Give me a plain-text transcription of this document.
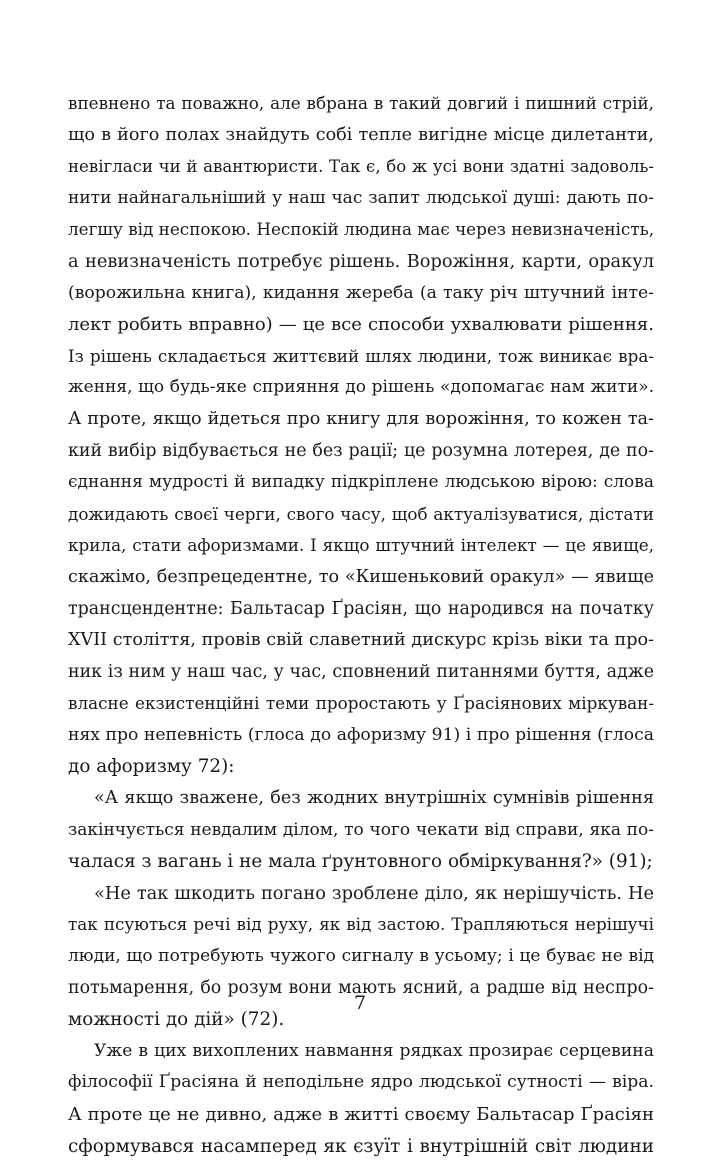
впевнено та поважно, але вбрана в такий довгий і пишний стрій,
що в його полах знайдуть собі тепле вигідне місце дилетанти,
невігласи чи й авантюристи. Так є, бо ж усі вони здатні задоволь-
нити найнагальніший у наш час запит людської душі: дають по-
легшу від неспокою. Неспокій людина має через невизначеність,
а невизначеність потребує рішень. Ворожіння, карти, оракул
(ворожильна книга), кидання жереба (а таку річ штучний інте-
лект робить вправно) — це все способи ухвалювати рішення.
Із рішень складається життєвий шлях людини, тож виникає вра-
ження, що будь-яке сприяння до рішень «допомагає нам жити».
А проте, якщо йдеться про книгу для ворожіння, то кожен та-
кий вибір відбувається не без рації; це розумна лотерея, де по-
єднання мудрості й випадку підкріплене людською вірою: слова
дожидають своєї черги, свого часу, щоб актуалізуватися, дістати
крила, стати афоризмами. І якщо штучний інтелект — це явище,
скажімо, безпрецедентне, то «Кишеньковий оракул» — явище
трансцендентне: Бальтасар Ґрасіян, що народився на початку
XVII століття, провів свій славетний дискурс крізь віки та про-
ник із ним у наш час, у час, сповнений питаннями буття, адже
власне екзистенційні теми проростають у Ґрасіянових міркуван-
нях про непевність (глоса до афоризму 91) і про рішення (глоса
до афоризму 72):
«А якщо зважене, без жодних внутрішніх сумнівів рішення
закінчується невдалим ділом, то чого чекати від справи, яка по-
чалася з вагань і не мала ґрунтовного обміркування?» (91);
«Не так шкодить погано зроблене діло, як нерішучість. Не
так псуються речі від руху, як від застою. Трапляються нерішучі
люди, що потребують чужого сигналу в усьому; і це буває не від
потьмарення, бо розум вони мають ясний, а радше від неспро-
можності до дій» (72).
Уже в цих вихоплених навмання рядках прозирає серцевина
філософії Ґрасіяна й неподільне ядро людської сутності — віра.
А проте це не дивно, адже в житті своєму Бальтасар Ґрасіян
сформувався насамперед як єзуїт і внутрішній світ людини
7
